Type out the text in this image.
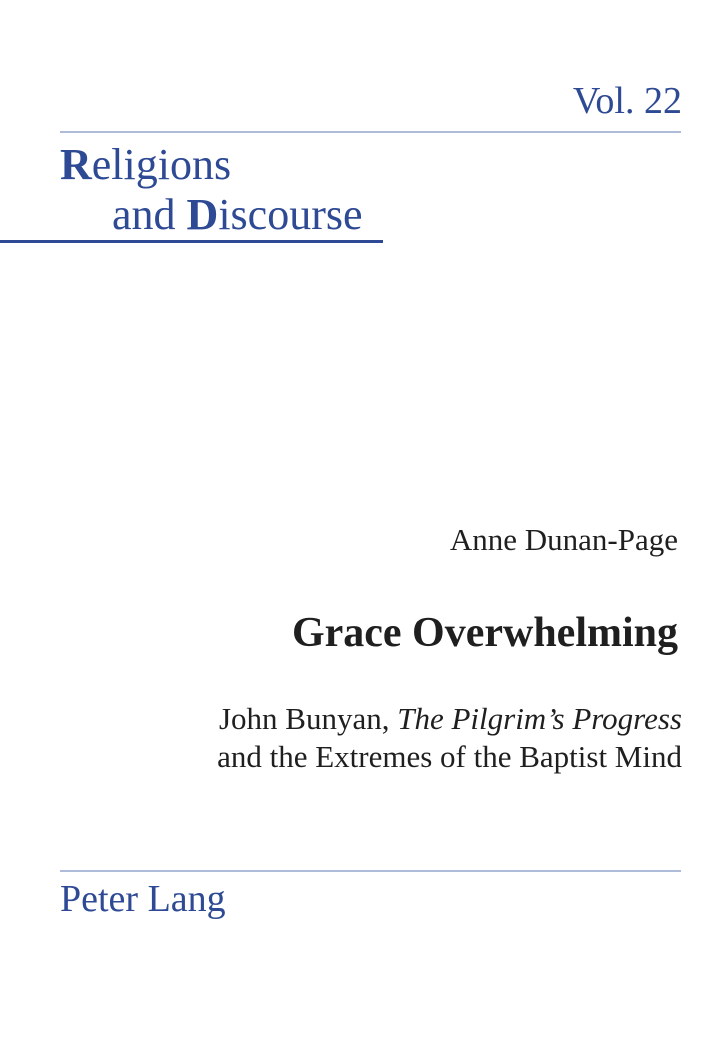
Vol. 22
Religions
and Discourse
Anne Dunan-Page
Grace Overwhelming
John Bunyan, The Pilgrim’s Progress
and the Extremes of the Baptist Mind
Peter Lang
